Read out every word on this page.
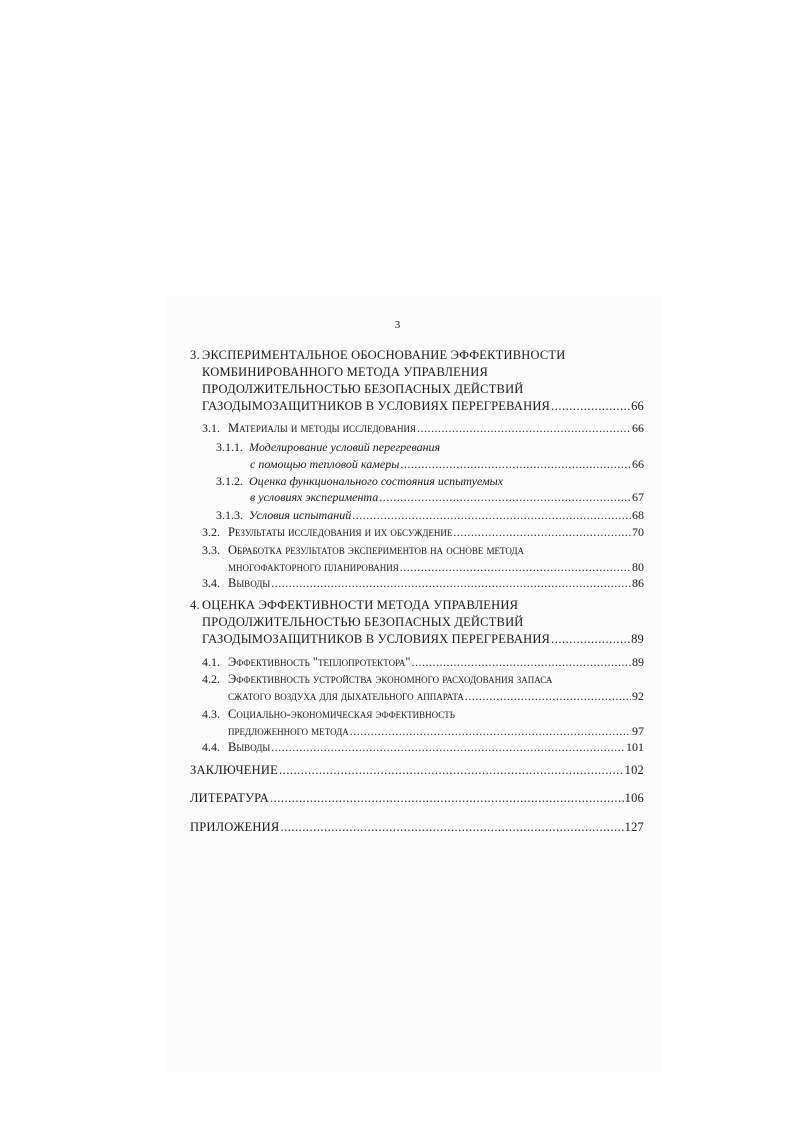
3
3. ЭКСПЕРИМЕНТАЛЬНОЕ ОБОСНОВАНИЕ ЭФФЕКТИВНОСТИ
КОМБИНИРОВАННОГО МЕТОДА УПРАВЛЕНИЯ
ПРОДОЛЖИТЕЛЬНОСТЬЮ БЕЗОПАСНЫХ ДЕЙСТВИЙ
ГАЗОДЫМОЗАЩИТНИКОВ В УСЛОВИЯХ ПЕРЕГРЕВАНИЯ .....	66
3.1. Материалы и методы исследования .....	66
3.1.1. Моделирование условий перегревания
с помощью тепловой камеры .....	66
3.1.2. Оценка функционального состояния испытуемых
в условиях эксперимента .....	67
3.1.3. Условия испытаний .....	68
3.2. Результаты исследования и их обсуждение .....	70
3.3. Обработка результатов экспериментов на основе метода
многофакторного планирования .....	80
3.4. Выводы .....	86
4. ОЦЕНКА ЭФФЕКТИВНОСТИ МЕТОДА УПРАВЛЕНИЯ
ПРОДОЛЖИТЕЛЬНОСТЬЮ БЕЗОПАСНЫХ ДЕЙСТВИЙ
ГАЗОДЫМОЗАЩИТНИКОВ В УСЛОВИЯХ ПЕРЕГРЕВАНИЯ .....	89
4.1. Эффективность "теплопротектора" .....	89
4.2. Эффективность устройства экономного расходования запаса
сжатого воздуха для дыхательного аппарата .....	92
4.3. Социально-экономическая эффективность
предложенного метода .....	97
4.4. Выводы .....	101
ЗАКЛЮЧЕНИЕ .....	102
ЛИТЕРАТУРА .....	106
ПРИЛОЖЕНИЯ .....	127
